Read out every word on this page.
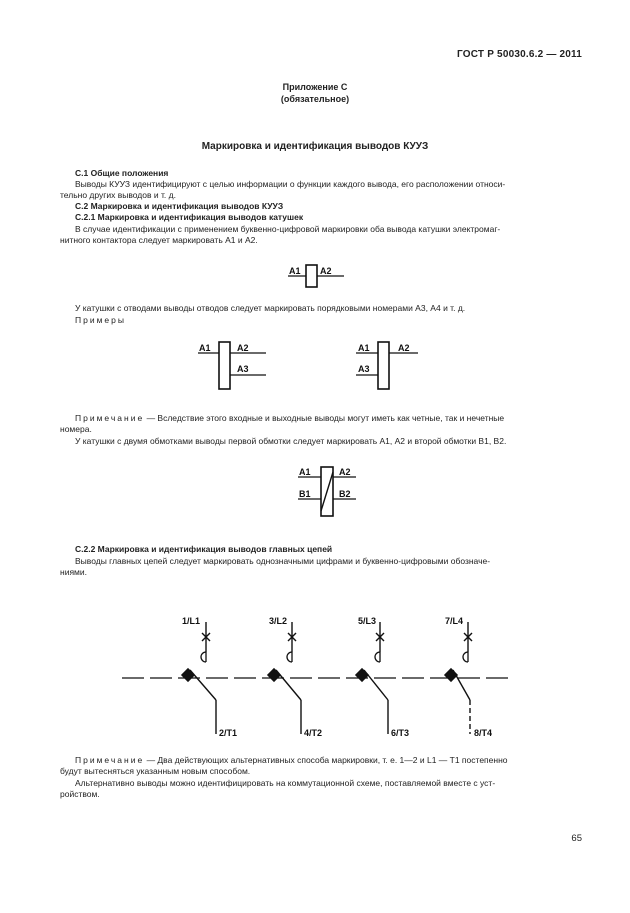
ГОСТ Р 50030.6.2 — 2011
Приложение С
(обязательное)
Маркировка и идентификация выводов КУУЗ
С.1 Общие положения
Выводы КУУЗ идентифицируют с целью информации о функции каждого вывода, его расположении относи-
тельно других выводов и т. д.
С.2 Маркировка и идентификация выводов КУУЗ
С.2.1 Маркировка и идентификация выводов катушек
В случае идентификации с применением буквенно-цифровой маркировки оба вывода катушки электромаг-
нитного контактора следует маркировать А1 и А2.
A1 A2
У катушки с отводами выводы отводов следует маркировать порядковыми номерами А3, А4 и т. д.
Примеры
A1	A2
A3
A1	A2
A3
Примечание — Вследствие этого входные и выходные выводы могут иметь как четные, так и нечетные
номера.
У катушки с двумя обмотками выводы первой обмотки следует маркировать А1, А2 и второй обмотки В1, В2.
A1	A2
B1	B2
С.2.2 Маркировка и идентификация выводов главных цепей
Выводы главных цепей следует маркировать однозначными цифрами и буквенно-цифровыми обозначе-
ниями.
1/L1
2/T1
3/L2
4/T2
5/L3
6/T3
7/L4
8/T4
Примечание — Два действующих альтернативных способа маркировки, т. е. 1—2 и L1 — Т1 постепенно
будут вытесняться указанным новым способом.
Альтернативно выводы можно идентифицировать на коммутационной схеме, поставляемой вместе с уст-
ройством.
65
